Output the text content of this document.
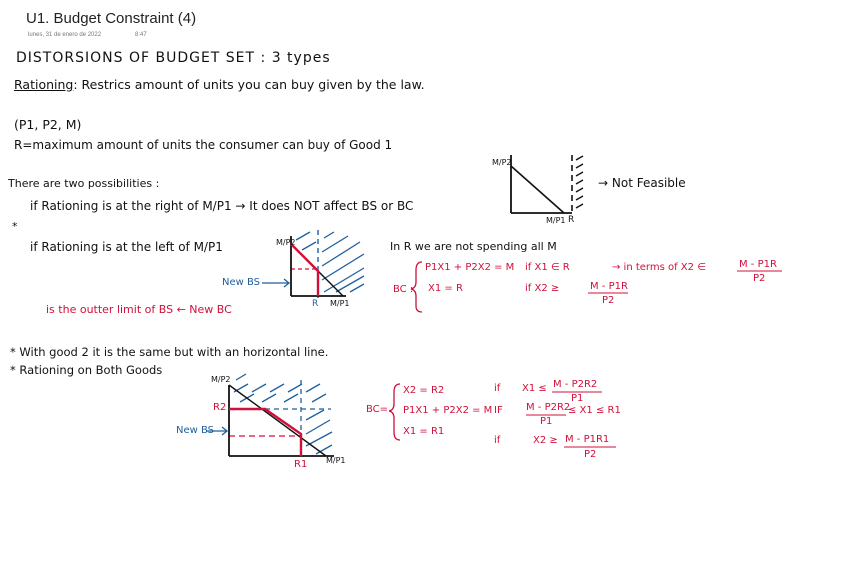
U1. Budget Constraint (4)
lunes, 31 de enero de 2022	8:47
DISTORSIONS OF BUDGET SET : 3 types
Rationing: Restrics amount of units you can buy given by the law.
(P1, P2, M)
R=maximum amount of units the consumer can buy of Good 1
There are two possibilities :
if Rationing is at the right of M/P1 → It does NOT affect BS or BC
*
if Rationing is at the left of M/P1
M/P2
M/P1 R
→ Not Feasible
M/P2
New BS
R M/P1
is the outter limit of BS ← New BC
In R we are not spending all M
BC :
P1X1 + P2X2 = M if X1 ∈ R	→ in terms of X2 ∈	M - P1R
P2
X1 = R	if X2 ≥	M - P1R
P2
* With good 2 it is the same but with an horizontal line.
* Rationing on Both Goods
M/P2
R2
New BS
R1 M/P1
BC=
X2 = R2
P1X1 + P2X2 = M
X1 = R1
if X1 ≤ M - P2R2
P1
IF M - P2R2
P1
≤ X1 ≤ R1
if	X2 ≥ M - P1R1
P2
